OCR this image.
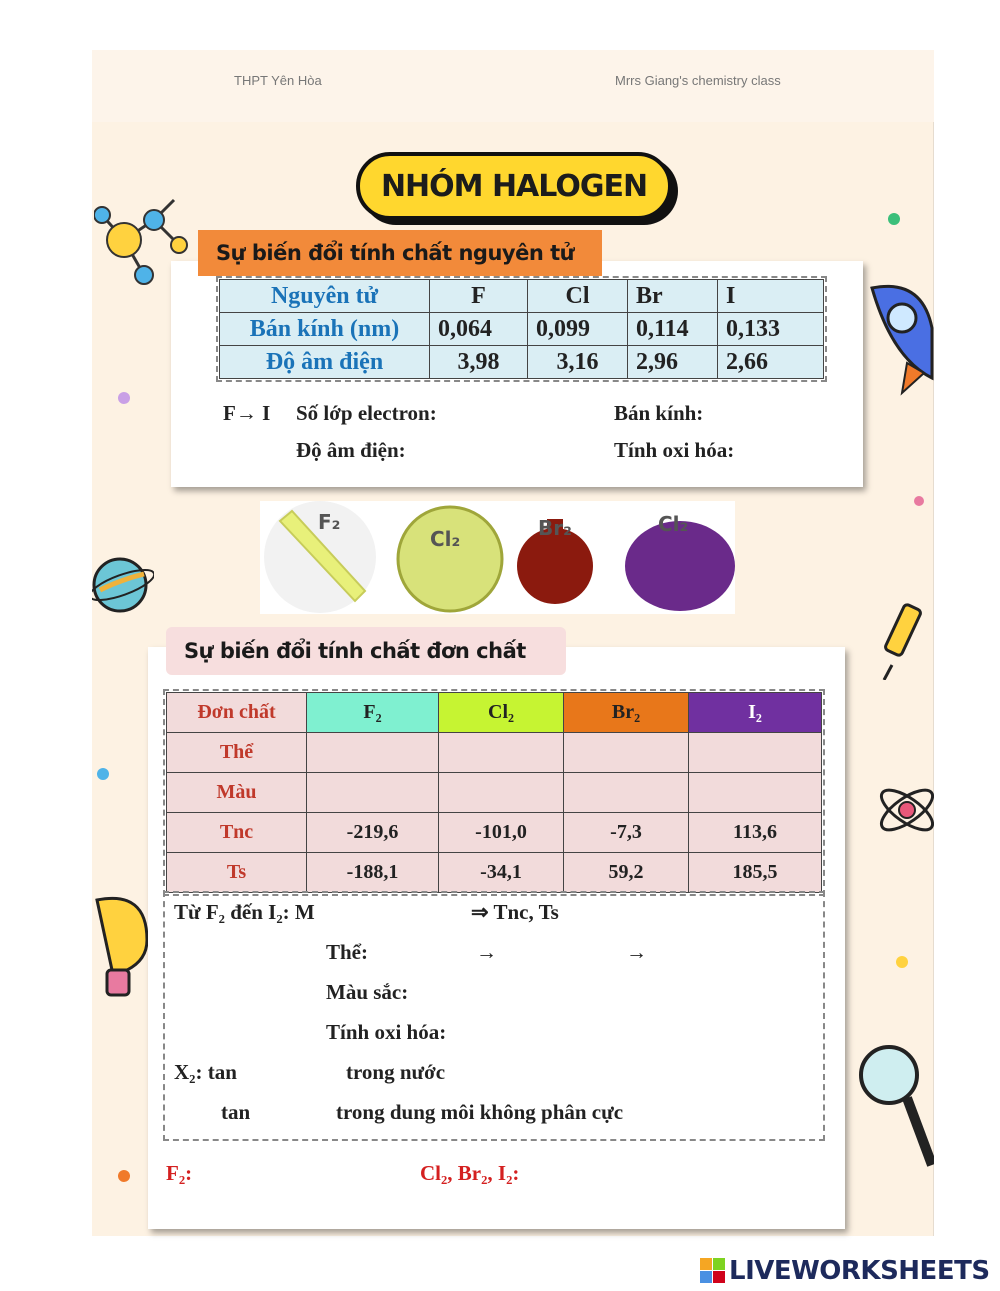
THPT Yên Hòa	Mrrs Giang's chemistry class
NHÓM HALOGEN
Nguyên tử	F	Cl	Br	I
Bán kính (nm)	0,064	0,099	0,114	0,133
Độ âm điện	3,98	3,16	2,96	2,66
F→ I Số lớp electron:	Bán kính:
Độ âm điện:	Tính oxi hóa:
Sự biến đổi tính chất nguyên tử
F₂
Cl₂	Br₂	Cl₂
Đơn chất	F₂	Cl₂	Br₂	I₂
Thể				
Màu				
Tnc	-219,6	-101,0	-7,3	113,6
Ts	-188,1	-34,1	59,2	185,5
Từ F₂ đến I₂: M	⇒ Tnc, Ts
Thể:	→	→
Màu sắc:
Tính oxi hóa:
X₂: tan	trong nước
tan	trong dung môi không phân cực
F₂:	Cl₂, Br₂, I₂:
Sự biến đổi tính chất đơn chất
LIVEWORKSHEETS
